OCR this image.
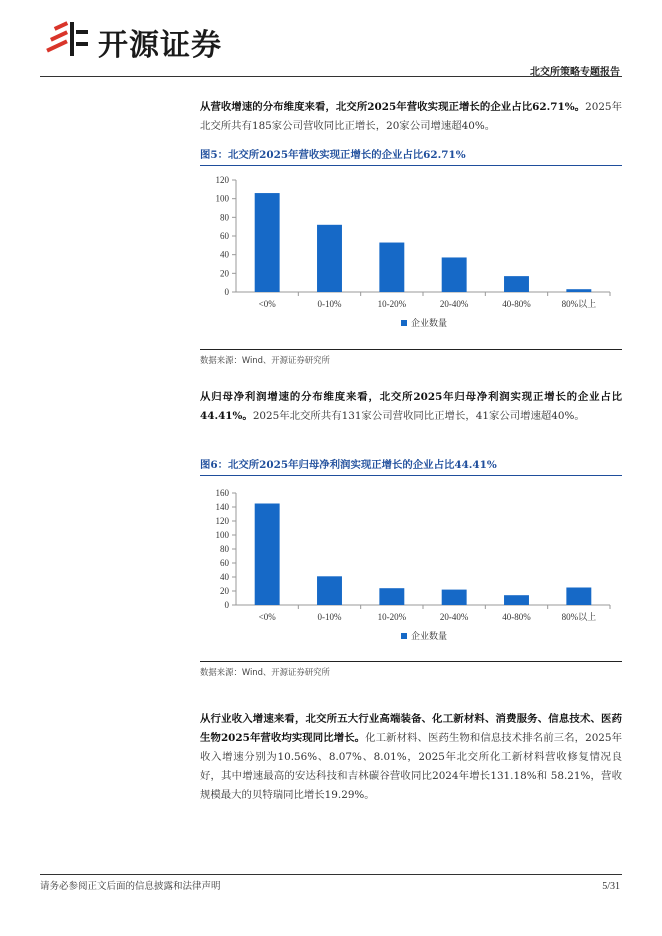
开源证券
北交所策略专题报告
从营收增速的分布维度来看，北交所2025年营收实现正增长的企业占比62.71%。2025年北交所共有185家公司营收同比正增长，20家公司增速超40%。
图5：北交所2025年营收实现正增长的企业占比62.71%
0
20
40
60
80
100
120
<0%	0-10%	10-20%	20-40%	40-80%	80%以上
企业数量
数据来源：Wind、开源证券研究所
从归母净利润增速的分布维度来看，北交所2025年归母净利润实现正增长的企业占比44.41%。2025年北交所共有131家公司营收同比正增长，41家公司增速超40%。
图6：北交所2025年归母净利润实现正增长的企业占比44.41%
0
20
40
60
80
100
120
140
160
<0%	0-10%	10-20%	20-40%	40-80%	80%以上
企业数量
数据来源：Wind、开源证券研究所
从行业收入增速来看，北交所五大行业高端装备、化工新材料、消费服务、信息技术、医药生物2025年营收均实现同比增长。化工新材料、医药生物和信息技术排名前三名，2025年收入增速分别为10.56%、8.07%、8.01%，2025年北交所化工新材料营收修复情况良好，其中增速最高的安达科技和吉林碳谷营收同比2024年增长131.18%和 58.21%，营收规模最大的贝特瑞同比增长19.29%。
请务必参阅正文后面的信息披露和法律声明	5/31
